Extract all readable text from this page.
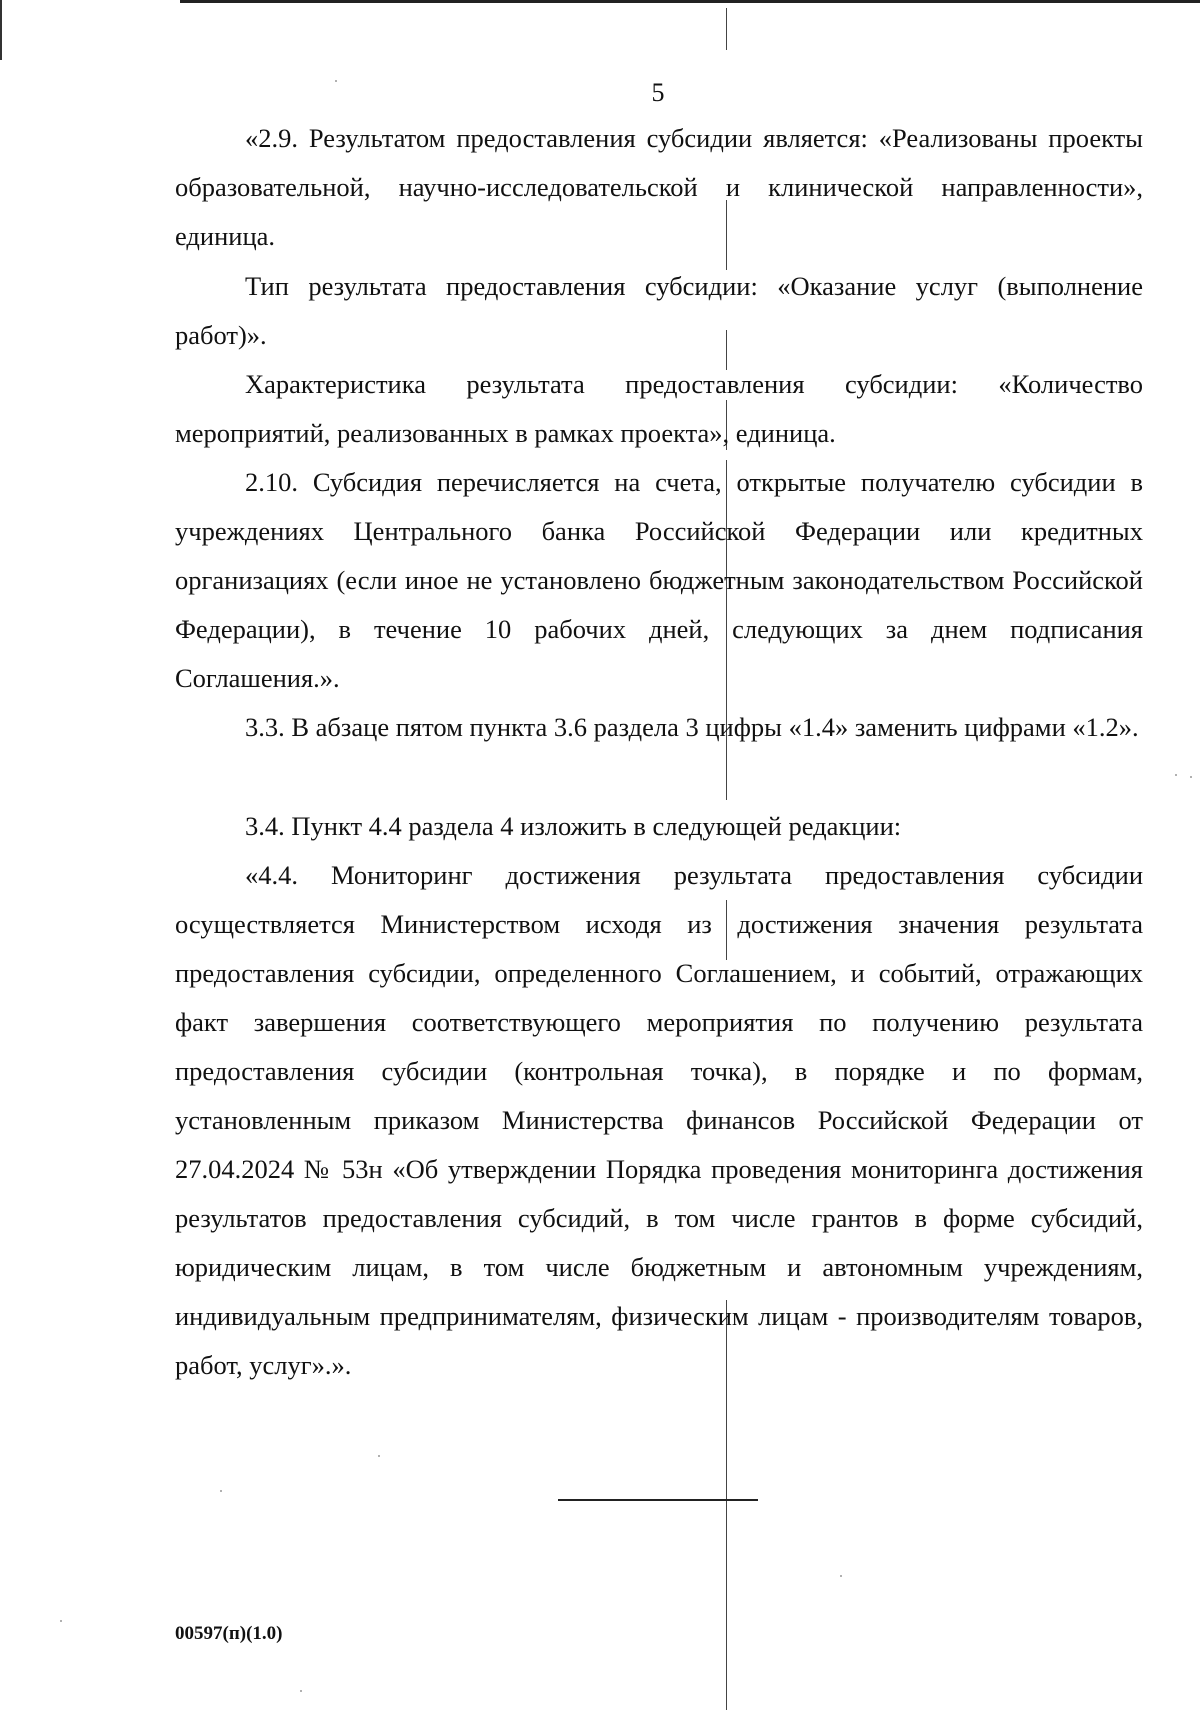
5

«2.9. Результатом предоставления субсидии является: «Реализованы проекты образовательной, научно-исследовательской и клинической направленности», единица.

Тип результата предоставления субсидии: «Оказание услуг (выполнение работ)».

Характеристика результата предоставления субсидии: «Количество мероприятий, реализованных в рамках проекта», единица.

2.10. Субсидия перечисляется на счета, открытые получателю субсидии в учреждениях Центрального банка Российской Федерации или кредитных организациях (если иное не установлено бюджетным законодательством Российской Федерации), в течение 10 рабочих дней, следующих за днем подписания Соглашения.».

3.3. В абзаце пятом пункта 3.6 раздела 3 цифры «1.4» заменить цифрами «1.2».

3.4. Пункт 4.4 раздела 4 изложить в следующей редакции:

«4.4. Мониторинг достижения результата предоставления субсидии осуществляется Министерством исходя из достижения значения результата предоставления субсидии, определенного Соглашением, и событий, отражающих факт завершения соответствующего мероприятия по получению результата предоставления субсидии (контрольная точка), в порядке и по формам, установленным приказом Министерства финансов Российской Федерации от 27.04.2024 № 53н «Об утверждении Порядка проведения мониторинга достижения результатов предоставления субсидий, в том числе грантов в форме субсидий, юридическим лицам, в том числе бюджетным и автономным учреждениям, индивидуальным предпринимателям, физическим лицам - производителям товаров, работ, услуг».».

00597(п)(1.0)
